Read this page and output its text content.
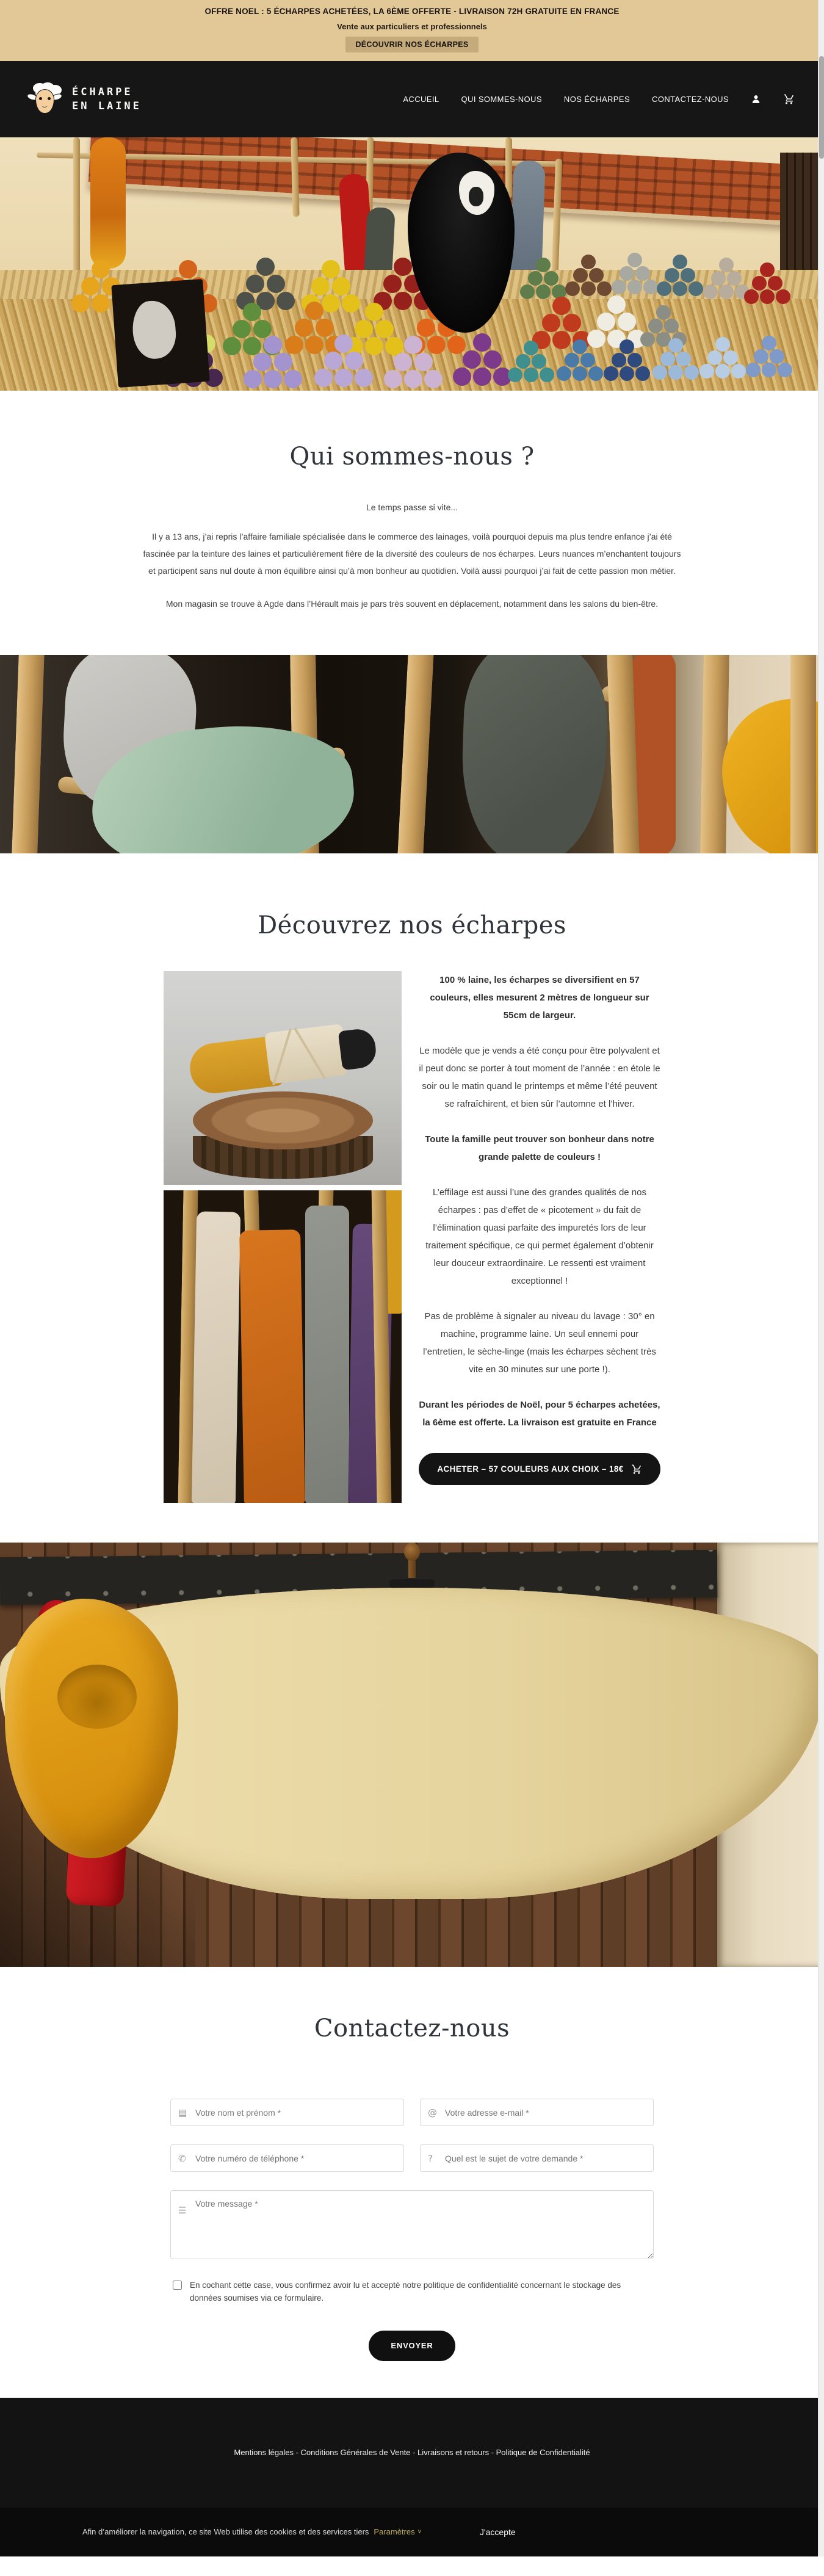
OFFRE NOEL : 5 ÉCHARPES ACHETÉES, LA 6ÈME OFFERTE - LIVRAISON 72H GRATUITE EN FRANCE
Vente aux particuliers et professionnels
DÉCOUVRIR NOS ÉCHARPES
ÉCHARPE
EN LAINE
ACCUEIL	QUI SOMMES-NOUS	NOS ÉCHARPES	CONTACTEZ-NOUS
Qui sommes-nous ?

Le temps passe si vite...

Il y a 13 ans, j’ai repris l’affaire familiale spécialisée dans le commerce des lainages, voilà pourquoi depuis ma plus tendre enfance j’ai été fascinée par la teinture des laines et particulièrement fière de la diversité des couleurs de nos écharpes. Leurs nuances m’enchantent toujours et participent sans nul doute à mon équilibre ainsi qu’à mon bonheur au quotidien. Voilà aussi pourquoi j’ai fait de cette passion mon métier.

Mon magasin se trouve à Agde dans l’Hérault mais je pars très souvent en déplacement, notamment dans les salons du bien-être.

Découvrez nos écharpes

100 % laine, les écharpes se diversifient en 57 couleurs, elles mesurent 2 mètres de longueur sur 55cm de largeur.

Le modèle que je vends a été conçu pour être polyvalent et il peut donc se porter à tout moment de l’année : en étole le soir ou le matin quand le printemps et même l’été peuvent se rafraîchirent, et bien sûr l’automne et l’hiver.

Toute la famille peut trouver son bonheur dans notre grande palette de couleurs !

L’effilage est aussi l’une des grandes qualités de nos écharpes : pas d’effet de « picotement » du fait de l’élimination quasi parfaite des impuretés lors de leur traitement spécifique, ce qui permet également d’obtenir leur douceur extraordinaire. Le ressenti est vraiment exceptionnel !

Pas de problème à signaler au niveau du lavage : 30° en machine, programme laine. Un seul ennemi pour l’entretien, le sèche-linge (mais les écharpes sèchent très vite en 30 minutes sur une porte !).

Durant les périodes de Noël, pour 5 écharpes achetées, la 6ème est offerte. La livraison est gratuite en France

ACHETER – 57 COULEURS AUX CHOIX – 18€
Contactez-nous
▤
Votre nom et prénom *	@
Votre adresse e-mail *
✆
Votre numéro de téléphone *	?
Quel est le sujet de votre demande *
☰
Votre message *
En cochant cette case, vous confirmez avoir lu et accepté notre politique de confidentialité concernant le stockage des données soumises via ce formulaire.
ENVOYER

Mentions légales - Conditions Générales de Vente - Livraisons et retours - Politique de Confidentialité

Afin d’améliorer la navigation, ce site Web utilise des cookies et des services tiers Paramètres ∨	J'accepte
